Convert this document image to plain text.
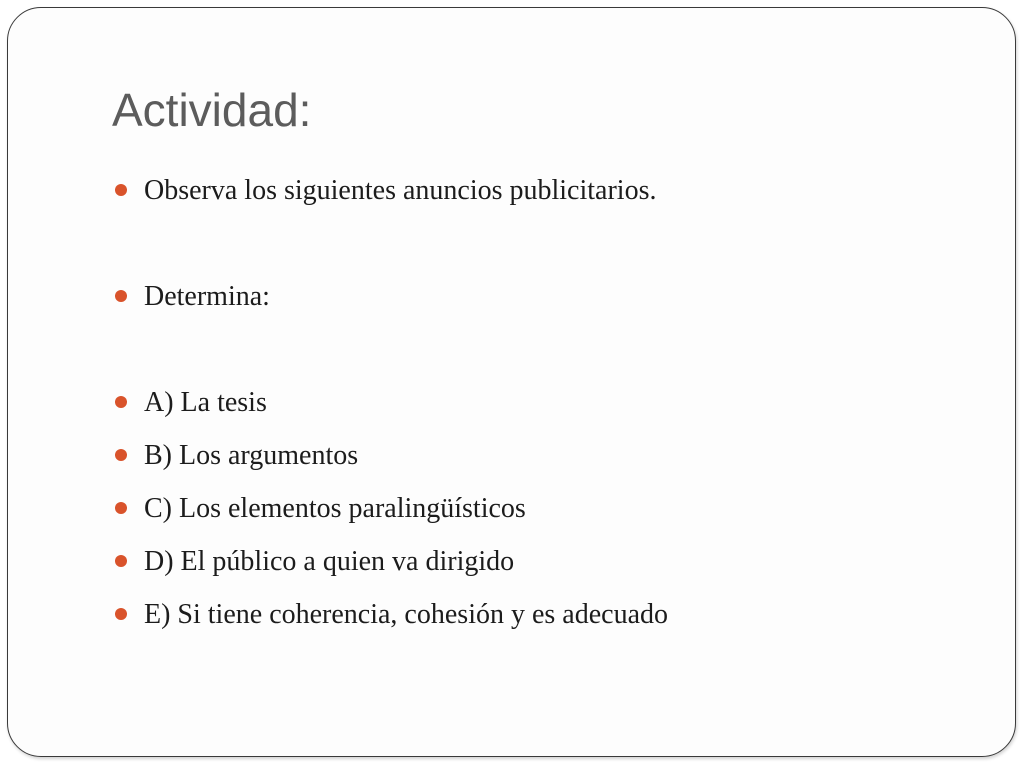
Actividad:
Observa los siguientes anuncios publicitarios.
Determina:
A) La tesis
B) Los argumentos
C) Los elementos paralingüísticos
D) El público a quien va dirigido
E) Si tiene coherencia, cohesión y es adecuado
